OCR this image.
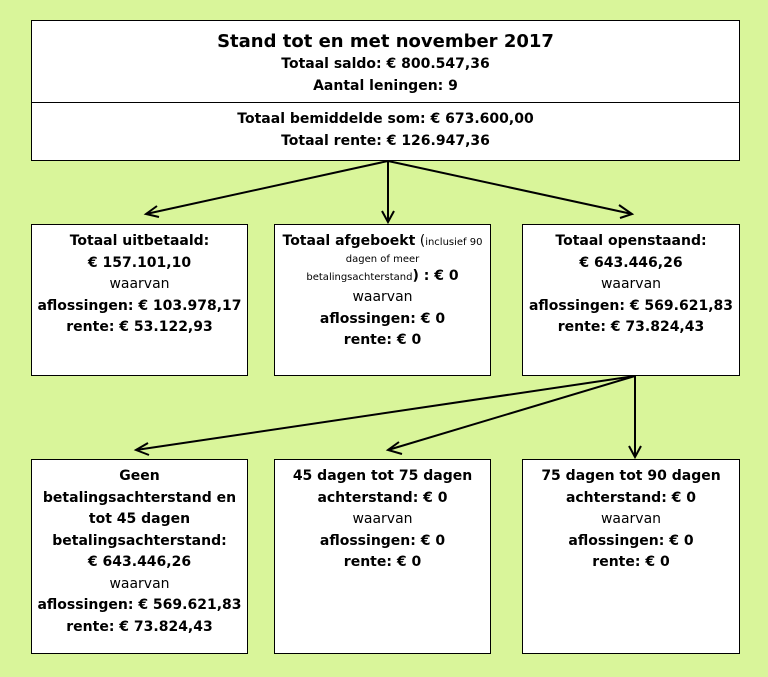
Stand tot en met november 2017
Totaal saldo: € 800.547,36
Aantal leningen: 9
Totaal bemiddelde som: € 673.600,00
Totaal rente: € 126.947,36
Totaal uitbetaald:
€ 157.101,10
waarvan
aflossingen: € 103.978,17
rente: € 53.122,93
Totaal afgeboekt (inclusief 90
dagen of meer
betalingsachterstand) : € 0
waarvan
aflossingen: € 0
rente: € 0
Totaal openstaand:
€ 643.446,26
waarvan
aflossingen: € 569.621,83
rente: € 73.824,43
Geen
betalingsachterstand en
tot 45 dagen
betalingsachterstand:
€ 643.446,26
waarvan
aflossingen: € 569.621,83
rente: € 73.824,43
45 dagen tot 75 dagen
achterstand: € 0
waarvan
aflossingen: € 0
rente: € 0
75 dagen tot 90 dagen
achterstand: € 0
waarvan
aflossingen: € 0
rente: € 0
